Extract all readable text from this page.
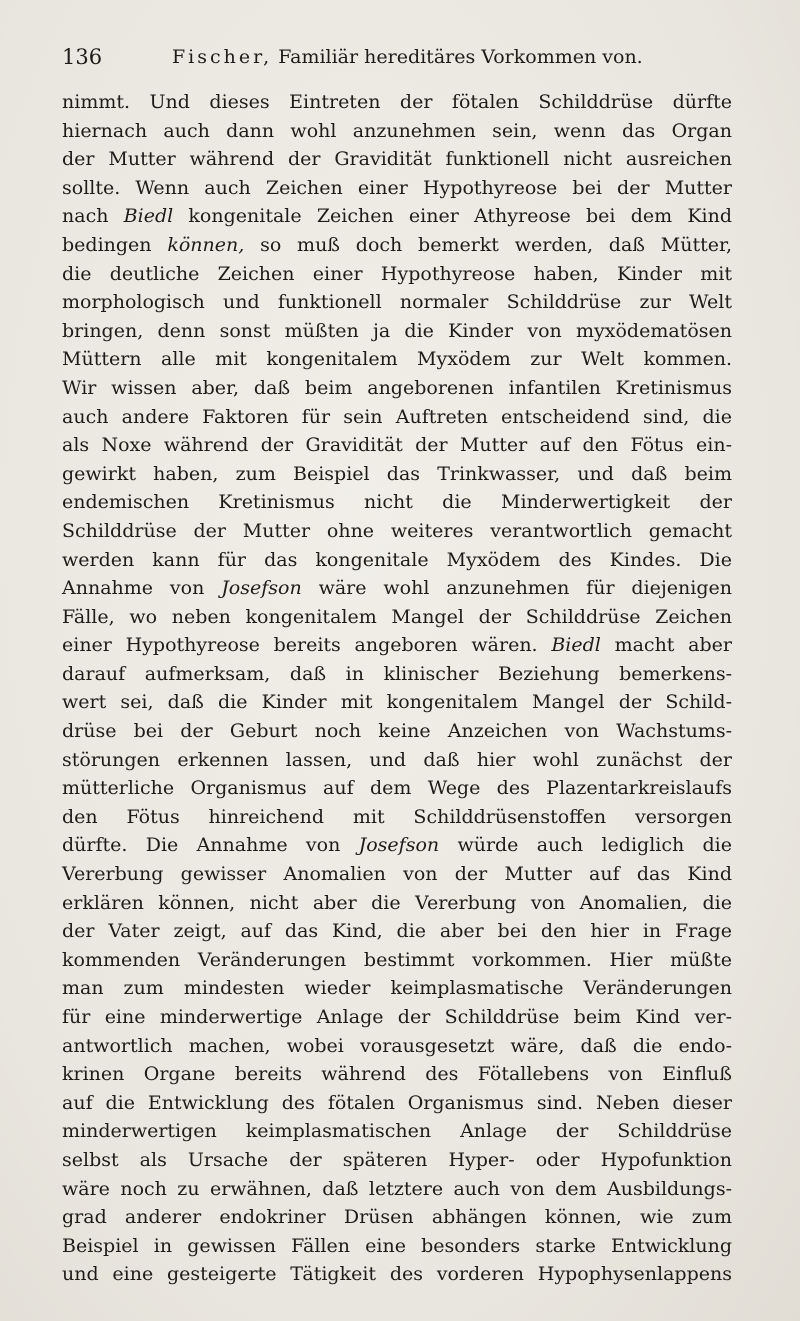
136	Fischer, Familiär hereditäres Vorkommen von.
nimmt. Und dieses Eintreten der fötalen Schilddrüse dürfte
hiernach auch dann wohl anzunehmen sein, wenn das Organ
der Mutter während der Gravidität funktionell nicht ausreichen
sollte. Wenn auch Zeichen einer Hypothyreose bei der Mutter
nach Biedl kongenitale Zeichen einer Athyreose bei dem Kind
bedingen können, so muß doch bemerkt werden, daß Mütter,
die deutliche Zeichen einer Hypothyreose haben, Kinder mit
morphologisch und funktionell normaler Schilddrüse zur Welt
bringen, denn sonst müßten ja die Kinder von myxödematösen
Müttern alle mit kongenitalem Myxödem zur Welt kommen.
Wir wissen aber, daß beim angeborenen infantilen Kretinismus
auch andere Faktoren für sein Auftreten entscheidend sind, die
als Noxe während der Gravidität der Mutter auf den Fötus ein-
gewirkt haben, zum Beispiel das Trinkwasser, und daß beim
endemischen Kretinismus nicht die Minderwertigkeit der
Schilddrüse der Mutter ohne weiteres verantwortlich gemacht
werden kann für das kongenitale Myxödem des Kindes. Die
Annahme von Josefson wäre wohl anzunehmen für diejenigen
Fälle, wo neben kongenitalem Mangel der Schilddrüse Zeichen
einer Hypothyreose bereits angeboren wären. Biedl macht aber
darauf aufmerksam, daß in klinischer Beziehung bemerkens-
wert sei, daß die Kinder mit kongenitalem Mangel der Schild-
drüse bei der Geburt noch keine Anzeichen von Wachstums-
störungen erkennen lassen, und daß hier wohl zunächst der
mütterliche Organismus auf dem Wege des Plazentarkreislaufs
den Fötus hinreichend mit Schilddrüsenstoffen versorgen
dürfte. Die Annahme von Josefson würde auch lediglich die
Vererbung gewisser Anomalien von der Mutter auf das Kind
erklären können, nicht aber die Vererbung von Anomalien, die
der Vater zeigt, auf das Kind, die aber bei den hier in Frage
kommenden Veränderungen bestimmt vorkommen. Hier müßte
man zum mindesten wieder keimplasmatische Veränderungen
für eine minderwertige Anlage der Schilddrüse beim Kind ver-
antwortlich machen, wobei vorausgesetzt wäre, daß die endo-
krinen Organe bereits während des Fötallebens von Einfluß
auf die Entwicklung des fötalen Organismus sind. Neben dieser
minderwertigen keimplasmatischen Anlage der Schilddrüse
selbst als Ursache der späteren Hyper- oder Hypofunktion
wäre noch zu erwähnen, daß letztere auch von dem Ausbildungs-
grad anderer endokriner Drüsen abhängen können, wie zum
Beispiel in gewissen Fällen eine besonders starke Entwicklung
und eine gesteigerte Tätigkeit des vorderen Hypophysenlappens
